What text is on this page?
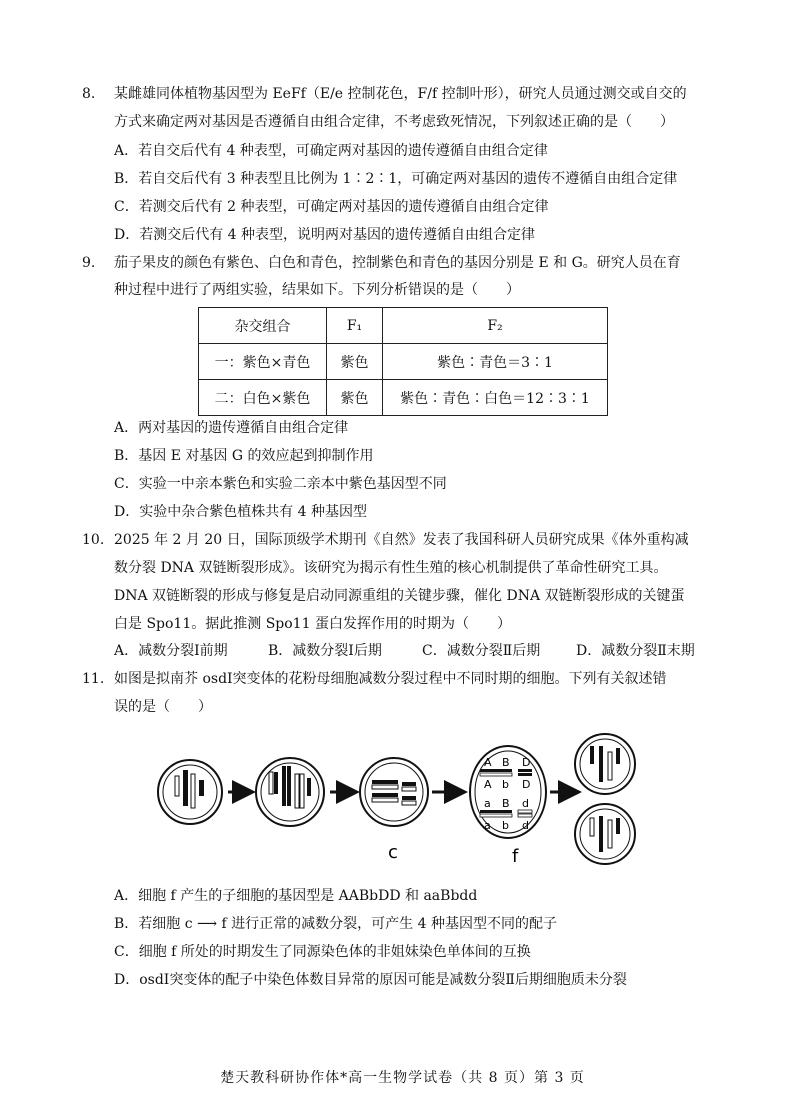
8. 某雌雄同体植物基因型为 EeFf（E/e 控制花色，F/f 控制叶形），研究人员通过测交或自交的
方式来确定两对基因是否遵循自由组合定律，不考虑致死情况，下列叙述正确的是（　　）
A．若自交后代有 4 种表型，可确定两对基因的遗传遵循自由组合定律
B．若自交后代有 3 种表型且比例为 1∶2∶1，可确定两对基因的遗传不遵循自由组合定律
C．若测交后代有 2 种表型，可确定两对基因的遗传遵循自由组合定律
D．若测交后代有 4 种表型，说明两对基因的遗传遵循自由组合定律
9. 茄子果皮的颜色有紫色、白色和青色，控制紫色和青色的基因分别是 E 和 G。研究人员在育
种过程中进行了两组实验，结果如下。下列分析错误的是（　　）
杂交组合	F₁	F₂
一：紫色×青色	紫色	紫色∶青色＝3∶1
二：白色×紫色	紫色	紫色∶青色∶白色＝12∶3∶1
A．两对基因的遗传遵循自由组合定律
B．基因 E 对基因 G 的效应起到抑制作用
C．实验一中亲本紫色和实验二亲本中紫色基因型不同
D．实验中杂合紫色植株共有 4 种基因型
10. 2025 年 2 月 20 日，国际顶级学术期刊《自然》发表了我国科研人员研究成果《体外重构减
数分裂 DNA 双链断裂形成》。该研究为揭示有性生殖的核心机制提供了革命性研究工具。
DNA 双链断裂的形成与修复是启动同源重组的关键步骤，催化 DNA 双链断裂形成的关键蛋
白是 Spo11。据此推测 Spo11 蛋白发挥作用的时期为（　　）
A．减数分裂Ⅰ前期	B．减数分裂Ⅰ后期	C．减数分裂Ⅱ后期	D．减数分裂Ⅱ末期
11. 如图是拟南芥 osdⅠ突变体的花粉母细胞减数分裂过程中不同时期的细胞。下列有关叙述错
误的是（　　）
c
A B D
A b D
a B d
a b d
f
A．细胞 f 产生的子细胞的基因型是 AABbDD 和 aaBbdd
B．若细胞 c ⟶ f 进行正常的减数分裂，可产生 4 种基因型不同的配子
C．细胞 f 所处的时期发生了同源染色体的非姐妹染色单体间的互换
D．osdⅠ突变体的配子中染色体数目异常的原因可能是减数分裂Ⅱ后期细胞质未分裂
楚天教科研协作体*高一生物学试卷（共 8 页）第 3 页
